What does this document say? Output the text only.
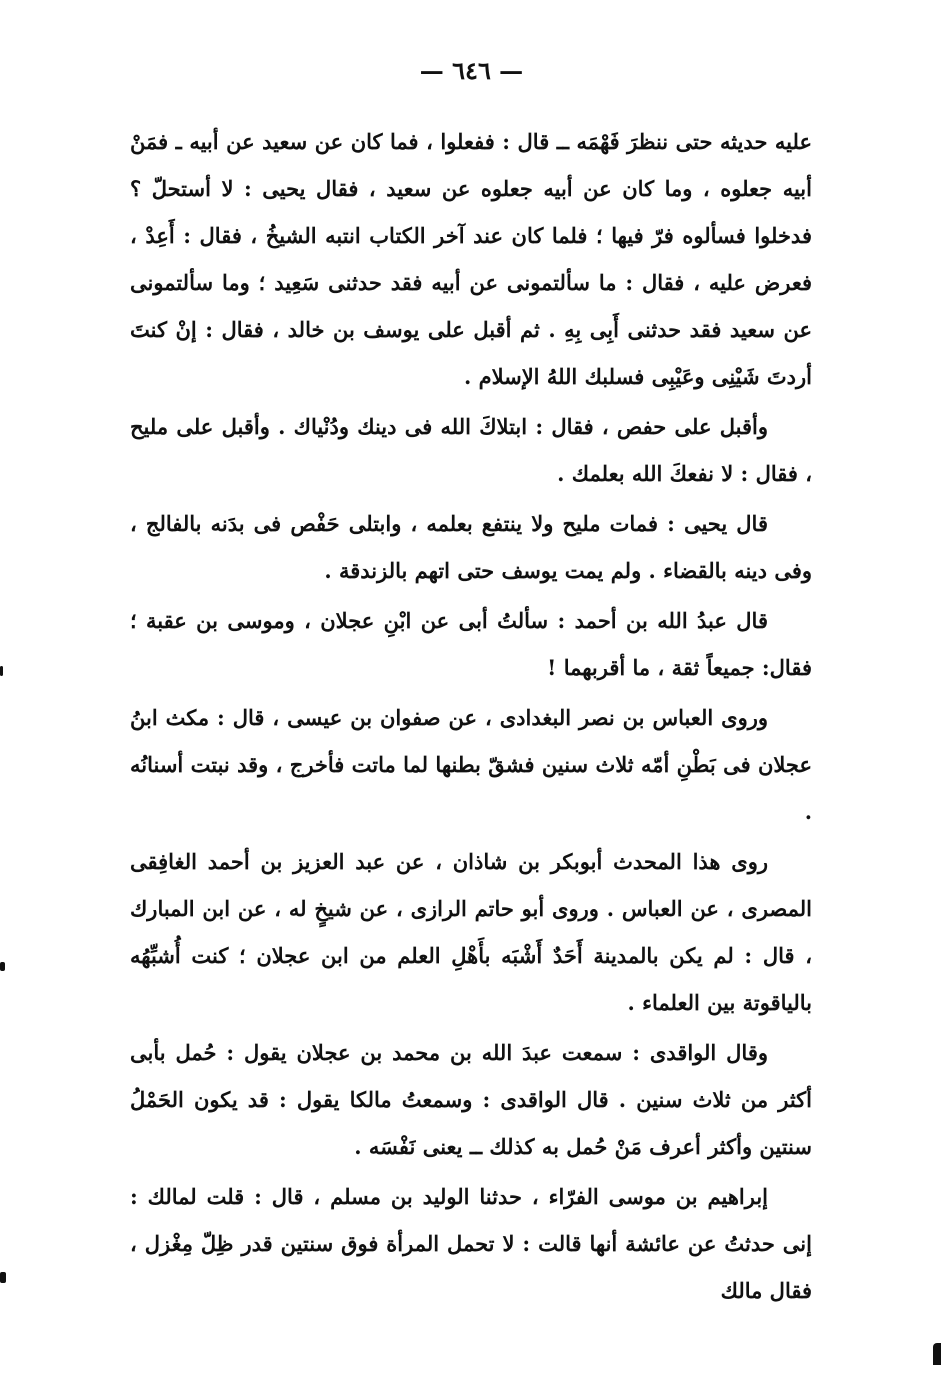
— ٦٤٦ —

عليه حديثه حتى ننظرَ فَهْمَه ــ قال : ففعلوا ، فما كان عن سعيد عن أبيه ـ فمَنْ أبيه جعلوه ، وما كان عن أبيه جعلوه عن سعيد ، فقال يحيى : لا أستحلّ ؟ فدخلوا فسألوه فرّ فيها ؛ فلما كان عند آخر الكتاب انتبه الشيخُ ، فقال : أَعِدْ ، فعرض عليه ، فقال : ما سألتمونى عن أبيه فقد حدثنى سَعِيد ؛ وما سألتمونى عن سعيد فقد حدثنى أَبِى بِهِ . ثم أقبل على يوسف بن خالد ، فقال : إنْ كنتَ أردتَ شَيْنِى وعَيْبِى فسلبك اللهُ الإسلام .

وأقبل على حفص ، فقال : ابتلاكَ الله فى دينك ودُنْياك . وأقبل على مليح ، فقال : لا نفعكَ الله بعلمك .

قال يحيى : فمات مليح ولا ينتفع بعلمه ، وابتلى حَفْص فى بدَنه بالفالج ، وفى دينه بالقضاء . ولم يمت يوسف حتى اتهم بالزندقة .

قال عبدُ الله بن أحمد : سألتُ أبى عن ابْنِ عجلان ، وموسى بن عقبة ؛ فقال: جميعاً ثقة ، ما أقربهما !

وروى العباس بن نصر البغدادى ، عن صفوان بن عيسى ، قال : مكث ابنُ عجلان فى بَطْنِ أمّه ثلاث سنين فشقّ بطنها لما ماتت فأخرج ، وقد نبتت أسنانُه .

روى هذا المحدث أبوبكر بن شاذان ، عن عبد العزيز بن أحمد الغافِقى المصرى ، عن العباس . وروى أبو حاتم الرازى ، عن شيخٍ له ، عن ابن المبارك ، قال : لم يكن بالمدينة أَحَدٌ أَشْبَه بأَهْلِ العلم من ابن عجلان ؛ كنت أُشبِّهُه بالياقوتة بين العلماء .

وقال الواقدى : سمعت عبدَ الله بن محمد بن عجلان يقول : حُمل بأبى أكثر من ثلاث سنين . قال الواقدى : وسمعتُ مالكا يقول : قد يكون الحَمْلُ سنتين وأكثر أعرف مَنْ حُمل به كذلك ــ يعنى نَفْسَه .

إبراهيم بن موسى الفرّاء ، حدثنا الوليد بن مسلم ، قال : قلت لمالك : إنى حدثتُ عن عائشة أنها قالت : لا تحمل المرأة فوق سنتين قدر ظِلّ مِغْزل ، فقال مالك
